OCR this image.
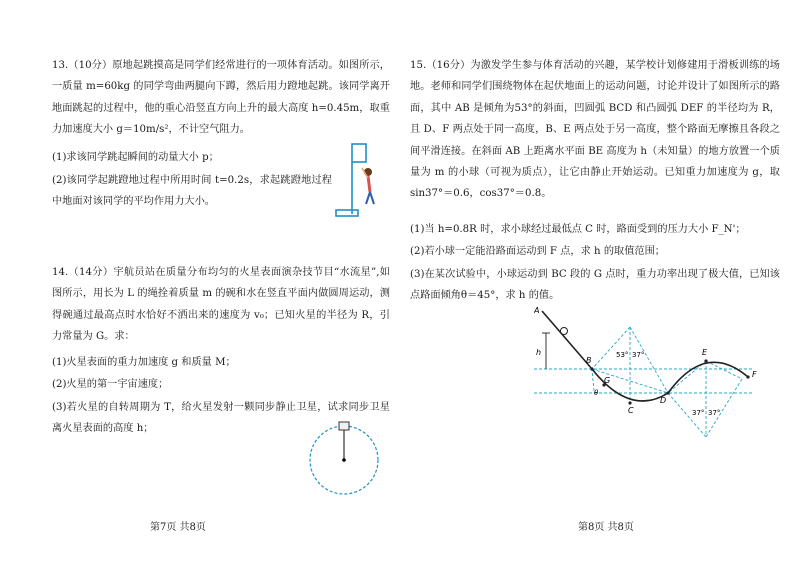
13.（10分）原地起跳摸高是同学们经常进行的一项体育活动。如图所示，一质量 m=60kg 的同学弯曲两腿向下蹲，然后用力蹬地起跳。该同学离开地面跳起的过程中，他的重心沿竖直方向上升的最大高度 h=0.45m，取重力加速度大小 g＝10m/s²，不计空气阻力。

(1)求该同学跳起瞬间的动量大小 p；

(2)该同学起跳蹬地过程中所用时间 t=0.2s，求起跳蹬地过程中地面对该同学的平均作用力大小。

14.（14分）宇航员站在质量分布均匀的火星表面演杂技节目“水流星”,如图所示，用长为 L 的绳拴着质量 m 的碗和水在竖直平面内做圆周运动，测得碗通过最高点时水恰好不洒出来的速度为 v₀；已知火星的半径为 R，引力常量为 G。求：

(1)火星表面的重力加速度 g 和质量 M；

(2)火星的第一宇宙速度；

(3)若火星的自转周期为 T，给火星发射一颗同步静止卫星，试求同步卫星离火星表面的高度 h；

第7页 共8页

15.（16分）为激发学生参与体育活动的兴趣，某学校计划修建用于滑板训练的场地。老师和同学们围绕物体在起伏地面上的运动问题，讨论并设计了如图所示的路面，其中 AB 是倾角为53°的斜面，凹圆弧 BCD 和凸圆弧 DEF 的半径均为 R，且 D、F 两点处于同一高度，B、E 两点处于另一高度，整个路面无摩擦且各段之间平滑连接。在斜面 AB 上距离水平面 BE 高度为 h（未知量）的地方放置一个质量为 m 的小球（可视为质点），让它由静止开始运动。已知重力加速度为 g，取sin37°＝0.6，cos37°＝0.8。

(1)当 h=0.8R 时，求小球经过最低点 C 时，路面受到的压力大小 F_N'；

(2)若小球一定能沿路面运动到 F 点，求 h 的取值范围；

(3)在某次试验中，小球运动到 BC 段的 G 点时，重力功率出现了极大值，已知该点路面倾角θ＝45°，求 h 的值。

A
B
C
D
E
F
G
h
θ
53° 37°
37° 37°
第8页 共8页
